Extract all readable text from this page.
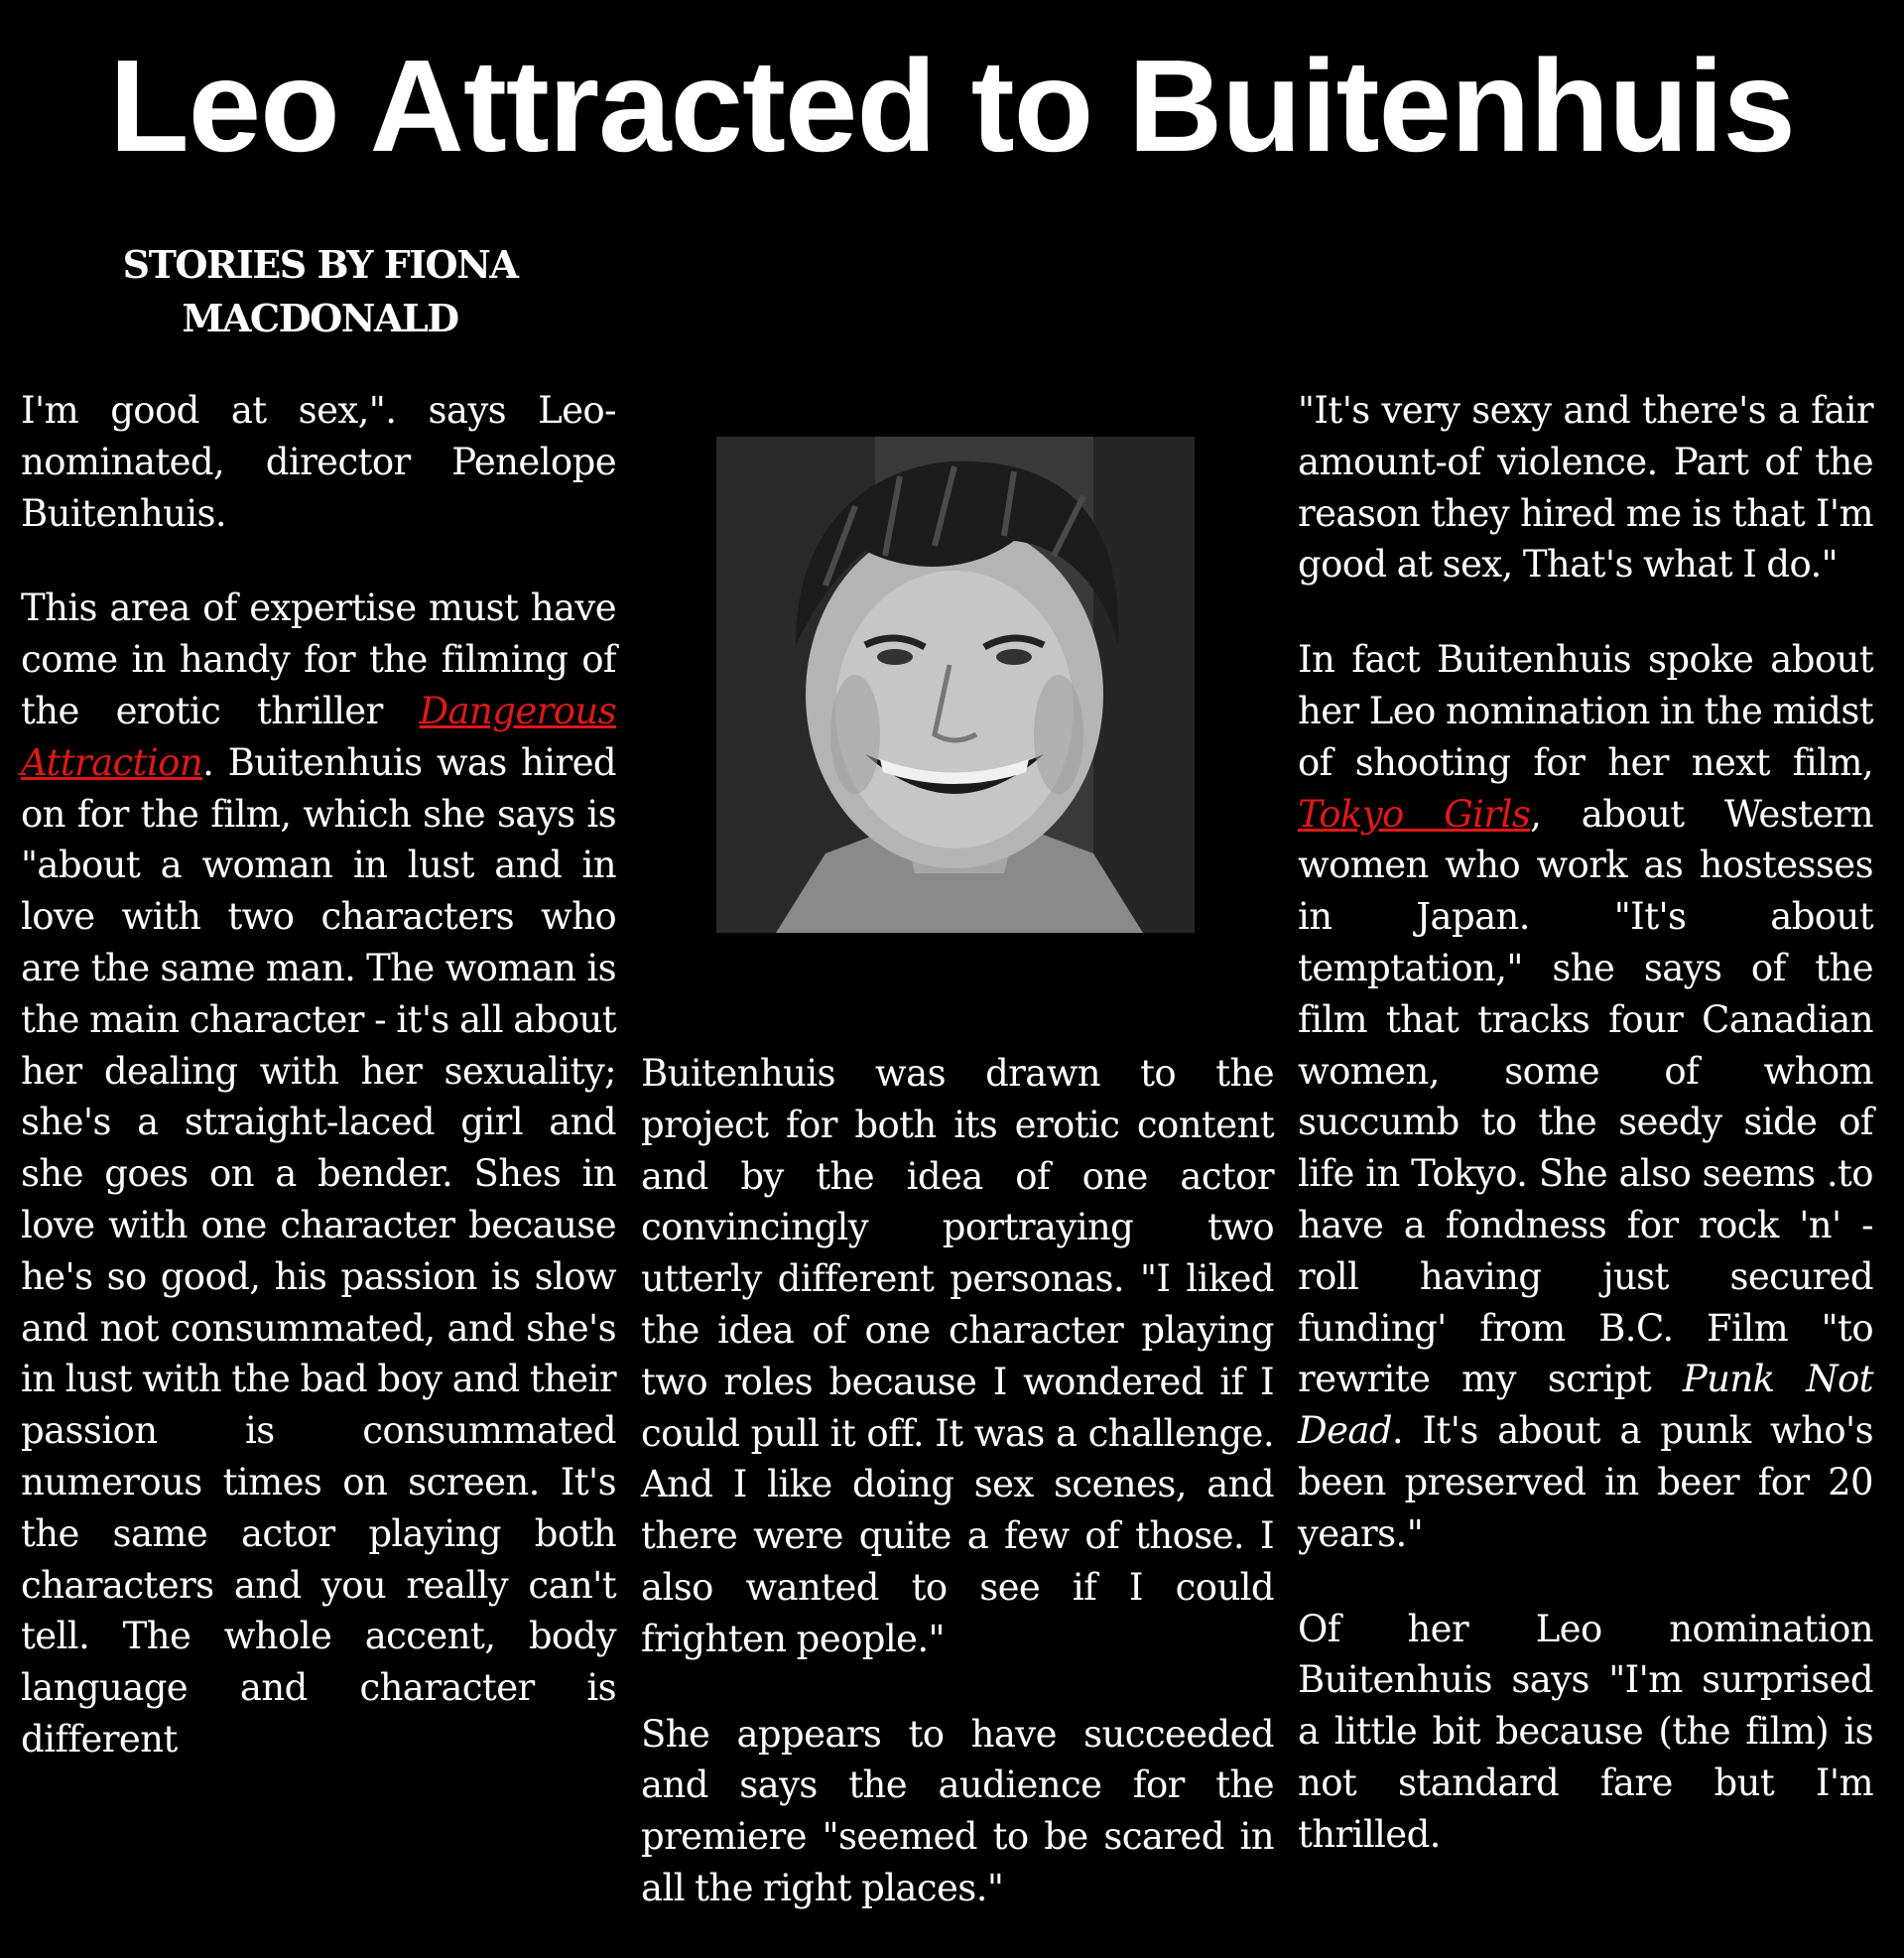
Leo Attracted to Buitenhuis
STORIES BY FIONA MACDONALD

I'm good at sex,". says Leo-nominated, director Penelope Buitenhuis.

This area of expertise must have come in handy for the filming of the erotic thriller Dangerous Attraction. Buitenhuis was hired on for the film, which she says is "about a woman in lust and in love with two characters who are the same man. The woman is the main character - it's all about her dealing with her sexuality; she's a straight-laced girl and she goes on a bender. Shes in love with one character because he's so good, his passion is slow and not consummated, and she's in lust with the bad boy and their passion is consummated numerous times on screen. It's the same actor playing both characters and you really can't tell. The whole accent, body language and character is different

Buitenhuis was drawn to the project for both its erotic content and by the idea of one actor convincingly portraying two utterly different personas. "I liked the idea of one character playing two roles because I wondered if I could pull it off. It was a challenge. And I like doing sex scenes, and there were quite a few of those. I also wanted to see if I could frighten people."

She appears to have succeeded and says the audience for the premiere "seemed to be scared in all the right places."

"It's very sexy and there's a fair amount-of violence. Part of the reason they hired me is that I'm good at sex, That's what I do."

In fact Buitenhuis spoke about her Leo nomination in the midst of shooting for her next film, Tokyo Girls, about Western women who work as hostesses in Japan. "It's about temptation," she says of the film that tracks four Canadian women, some of whom succumb to the seedy side of life in Tokyo. She also seems .to have a fondness for rock 'n' - roll having just secured funding' from B.C. Film "to rewrite my script Punk Not Dead. It's about a punk who's been preserved in beer for 20 years."

Of her Leo nomination Buitenhuis says "I'm surprised a little bit because (the film) is not standard fare but I'm thrilled.
